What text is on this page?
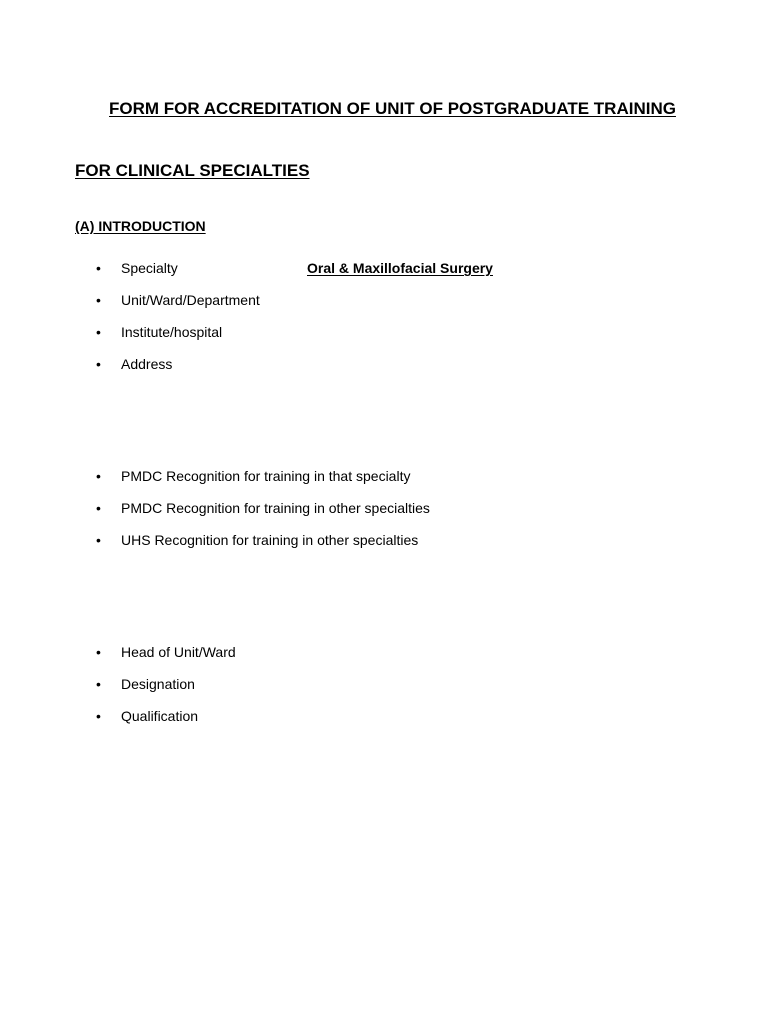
FORM FOR ACCREDITATION OF UNIT OF POSTGRADUATE TRAINING
FOR CLINICAL SPECIALTIES
(A) INTRODUCTION
•	Specialty	Oral & Maxillofacial Surgery
•	Unit/Ward/Department
•	Institute/hospital
•	Address
•	PMDC Recognition for training in that specialty
•	PMDC Recognition for training in other specialties
•	UHS Recognition for training in other specialties
•	Head of Unit/Ward
•	Designation
•	Qualification
